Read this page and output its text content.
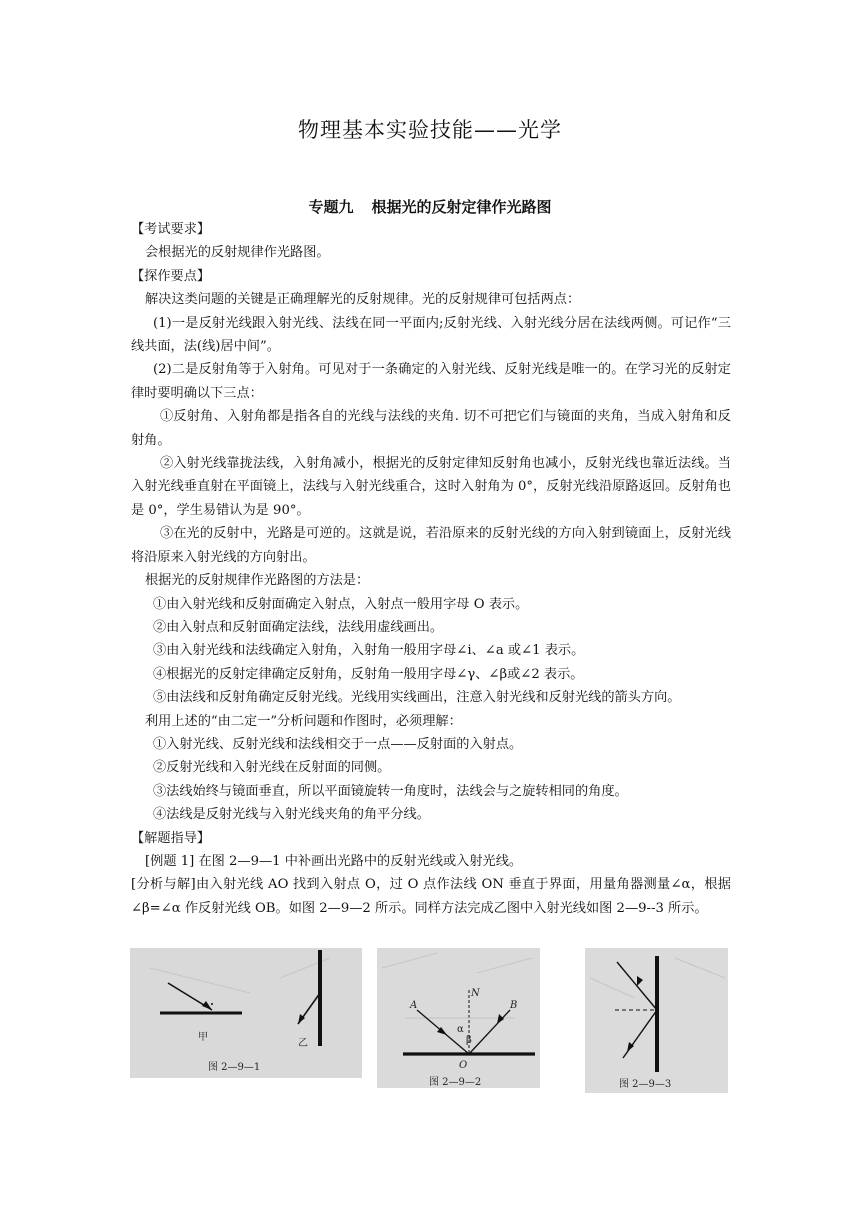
物理基本实验技能——光学
专题九 根据光的反射定律作光路图

【考试要求】

会根据光的反射规律作光路图。

【探作要点】

解决这类问题的关键是正确理解光的反射规律。光的反射规律可包括两点：

(1)一是反射光线跟入射光线、法线在同一平面内;反射光线、入射光线分居在法线两侧。可记作“三线共面，法(线)居中间”。

(2)二是反射角等于入射角。可见对于一条确定的入射光线、反射光线是唯一的。在学习光的反射定律时要明确以下三点：

①反射角、入射角都是指各自的光线与法线的夹角. 切不可把它们与镜面的夹角，当成入射角和反射角。

②入射光线靠拢法线，入射角减小，根据光的反射定律知反射角也减小，反射光线也靠近法线。当入射光线垂直射在平面镜上，法线与入射光线重合，这时入射角为 0°，反射光线沿原路返回。反射角也是 0°，学生易错认为是 90°。

③在光的反射中，光路是可逆的。这就是说，若沿原来的反射光线的方向入射到镜面上，反射光线将沿原来入射光线的方向射出。

根据光的反射规律作光路图的方法是：

①由入射光线和反射面确定入射点，入射点一般用字母 O 表示。

②由入射点和反射面确定法线，法线用虚线画出。

③由入射光线和法线确定入射角，入射角一般用字母∠i、∠a 或∠1 表示。

④根据光的反射定律确定反射角，反射角一般用字母∠γ、∠β或∠2 表示。

⑤由法线和反射角确定反射光线。光线用实线画出，注意入射光线和反射光线的箭头方向。

利用上述的“由二定一”分析问题和作图时，必须理解：

①入射光线、反射光线和法线相交于一点——反射面的入射点。

②反射光线和入射光线在反射面的同侧。

③法线始终与镜面垂直，所以平面镜旋转一角度时，法线会与之旋转相同的角度。

④法线是反射光线与入射光线夹角的角平分线。

【解题指导】

[例题 1] 在图 2—9—1 中补画出光路中的反射光线或入射光线。

[分析与解]由入射光线 AO 找到入射点 O，过 O 点作法线 ON 垂直于界面，用量角器测量∠α，根据∠β=∠α 作反射光线 OB。如图 2—9—2 所示。同样方法完成乙图中入射光线如图 2—9--3 所示。

甲
乙
图 2—9—1
A	B
N
α
β
O
图 2—9—2	图 2—9—3
